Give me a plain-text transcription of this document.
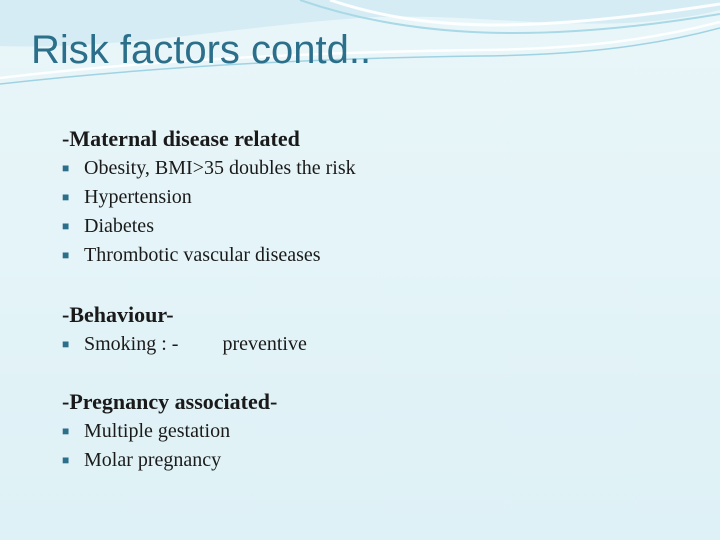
Risk factors contd..
-Maternal disease related
■ Obesity, BMI>35 doubles the risk
■ Hypertension
■ Diabetes
■ Thrombotic vascular diseases
-Behaviour-
■ Smoking : - preventive
-Pregnancy associated-
■ Multiple gestation
■ Molar pregnancy
